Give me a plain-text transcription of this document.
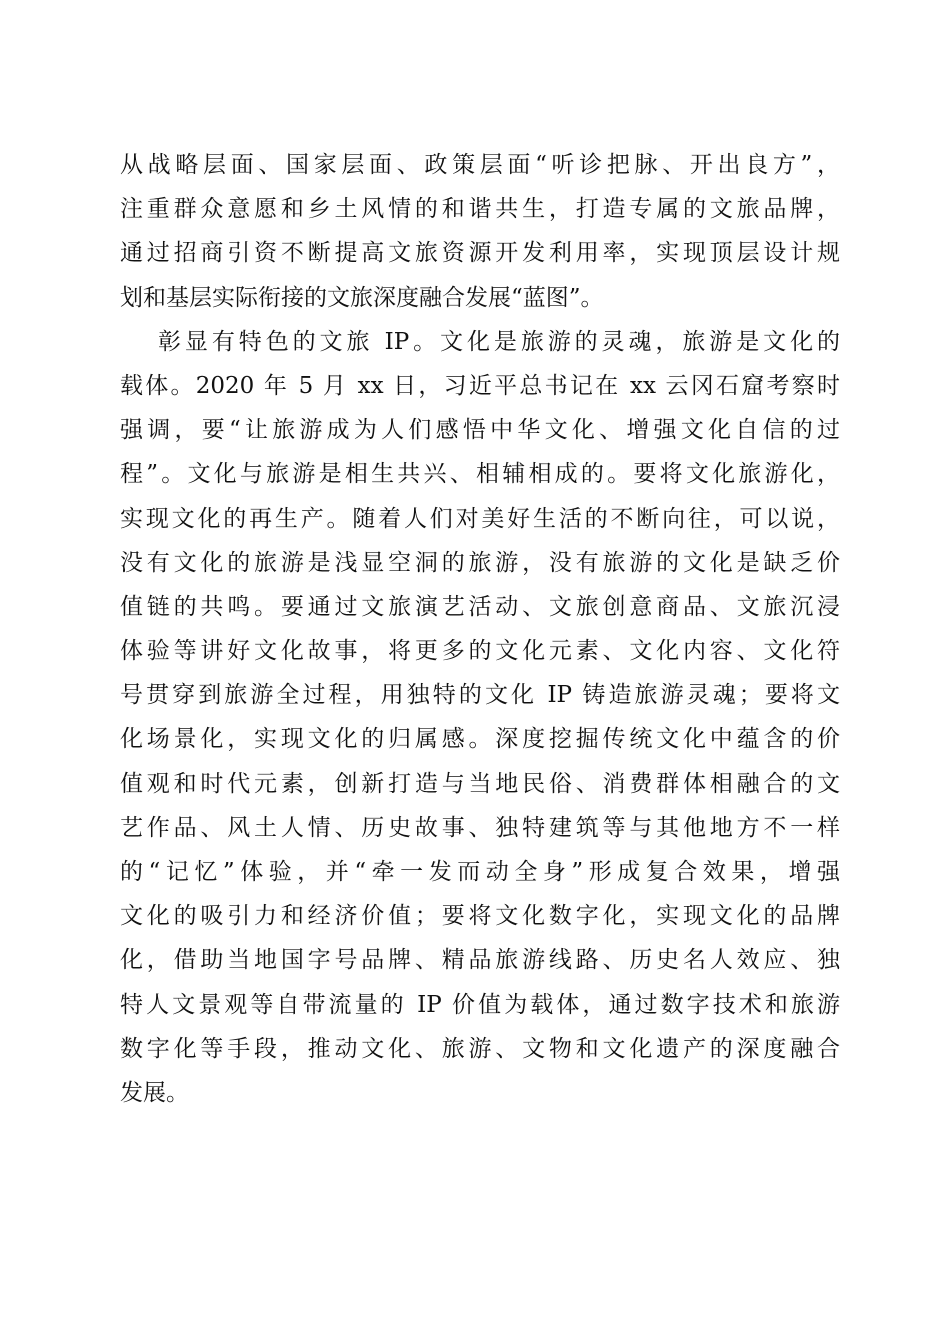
从战略层面、国家层面、政策层面“听诊把脉、开出良方”，
注重群众意愿和乡土风情的和谐共生，打造专属的文旅品牌，
通过招商引资不断提高文旅资源开发利用率，实现顶层设计规
划和基层实际衔接的文旅深度融合发展“蓝图”。
彰显有特色的文旅 IP。文化是旅游的灵魂，旅游是文化的
载体。2020 年 5 月 xx 日，习近平总书记在 xx 云冈石窟考察时
强调，要“让旅游成为人们感悟中华文化、增强文化自信的过
程”。文化与旅游是相生共兴、相辅相成的。要将文化旅游化，
实现文化的再生产。随着人们对美好生活的不断向往，可以说，
没有文化的旅游是浅显空洞的旅游，没有旅游的文化是缺乏价
值链的共鸣。要通过文旅演艺活动、文旅创意商品、文旅沉浸
体验等讲好文化故事，将更多的文化元素、文化内容、文化符
号贯穿到旅游全过程，用独特的文化 IP 铸造旅游灵魂；要将文
化场景化，实现文化的归属感。深度挖掘传统文化中蕴含的价
值观和时代元素，创新打造与当地民俗、消费群体相融合的文
艺作品、风土人情、历史故事、独特建筑等与其他地方不一样
的“记忆”体验，并“牵一发而动全身”形成复合效果，增强
文化的吸引力和经济价值；要将文化数字化，实现文化的品牌
化，借助当地国字号品牌、精品旅游线路、历史名人效应、独
特人文景观等自带流量的 IP 价值为载体，通过数字技术和旅游
数字化等手段，推动文化、旅游、文物和文化遗产的深度融合
发展。
